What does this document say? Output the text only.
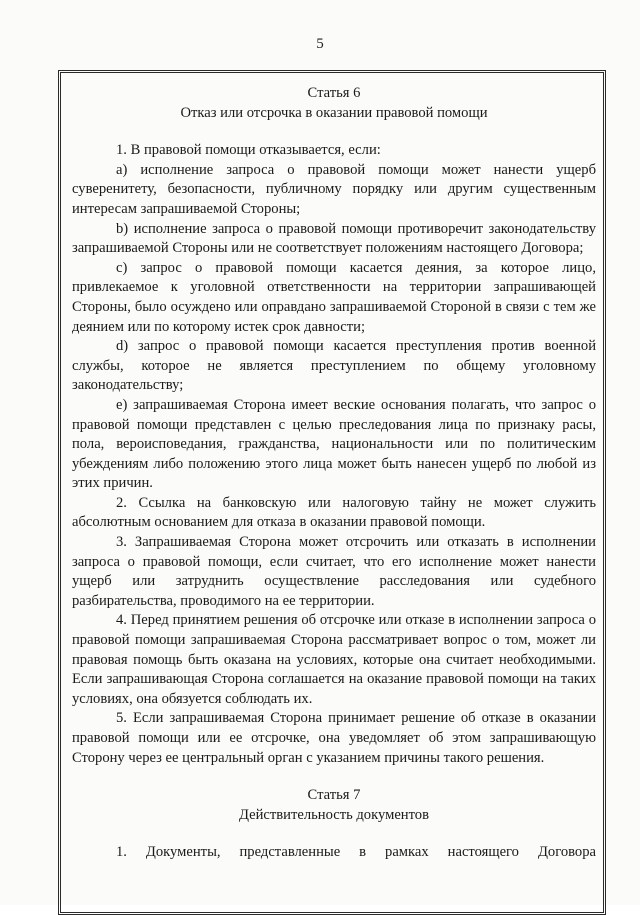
5
Статья 6
Отказ или отсрочка в оказании правовой помощи

1. В правовой помощи отказывается, если:

a) исполнение запроса о правовой помощи может нанести ущерб суверенитету, безопасности, публичному порядку или другим существенным интересам запрашиваемой Стороны;

b) исполнение запроса о правовой помощи противоречит законодательству запрашиваемой Стороны или не соответствует положениям настоящего Договора;

c) запрос о правовой помощи касается деяния, за которое лицо, привлекаемое к уголовной ответственности на территории запрашивающей Стороны, было осуждено или оправдано запрашиваемой Стороной в связи с тем же деянием или по которому истек срок давности;

d) запрос о правовой помощи касается преступления против военной службы, которое не является преступлением по общему уголовному законодательству;

e) запрашиваемая Сторона имеет веские основания полагать, что запрос о правовой помощи представлен с целью преследования лица по признаку расы, пола, вероисповедания, гражданства, национальности или по политическим убеждениям либо положению этого лица может быть нанесен ущерб по любой из этих причин.

2. Ссылка на банковскую или налоговую тайну не может служить абсолютным основанием для отказа в оказании правовой помощи.

3. Запрашиваемая Сторона может отсрочить или отказать в исполнении запроса о правовой помощи, если считает, что его исполнение может нанести ущерб или затруднить осуществление расследования или судебного разбирательства, проводимого на ее территории.

4. Перед принятием решения об отсрочке или отказе в исполнении запроса о правовой помощи запрашиваемая Сторона рассматривает вопрос о том, может ли правовая помощь быть оказана на условиях, которые она считает необходимыми. Если запрашивающая Сторона соглашается на оказание правовой помощи на таких условиях, она обязуется соблюдать их.

5. Если запрашиваемая Сторона принимает решение об отказе в оказании правовой помощи или ее отсрочке, она уведомляет об этом запрашивающую Сторону через ее центральный орган с указанием причины такого решения.

Статья 7
Действительность документов

1. Документы, представленные в рамках настоящего Договора
